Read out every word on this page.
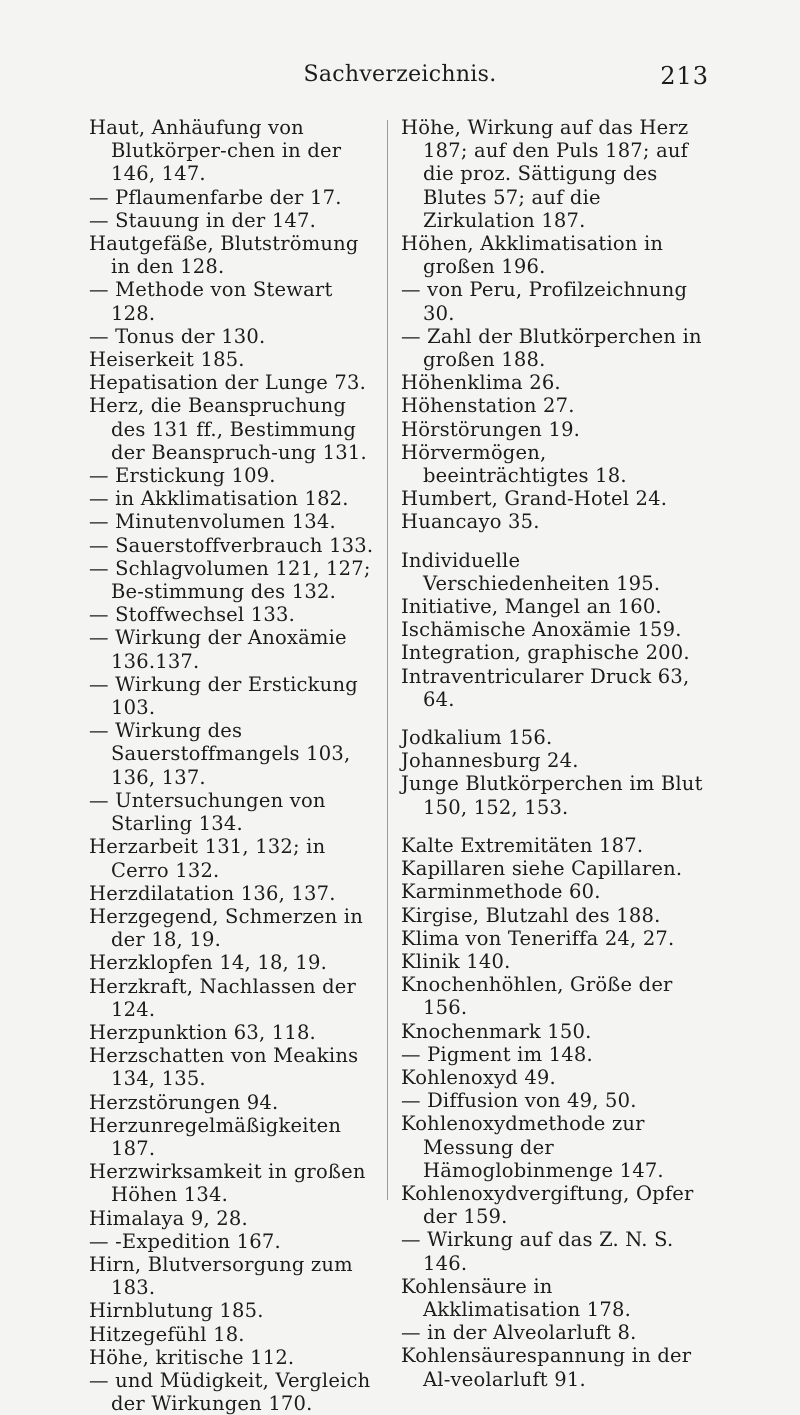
Sachverzeichnis.	213
Haut, Anhäufung von Blutkörper-chen in der 146, 147.
— Pflaumenfarbe der 17.
— Stauung in der 147.
Hautgefäße, Blutströmung in den 128.
— Methode von Stewart 128.
— Tonus der 130.
Heiserkeit 185.
Hepatisation der Lunge 73.
Herz, die Beanspruchung des 131 ff., Bestimmung der Beanspruch-ung 131.
— Erstickung 109.
— in Akklimatisation 182.
— Minutenvolumen 134.
— Sauerstoffverbrauch 133.
— Schlagvolumen 121, 127; Be-stimmung des 132.
— Stoffwechsel 133.
— Wirkung der Anoxämie 136.137.
— Wirkung der Erstickung 103.
— Wirkung des Sauerstoffmangels 103, 136, 137.
— Untersuchungen von Starling 134.
Herzarbeit 131, 132; in Cerro 132.
Herzdilatation 136, 137.
Herzgegend, Schmerzen in der 18, 19.
Herzklopfen 14, 18, 19.
Herzkraft, Nachlassen der 124.
Herzpunktion 63, 118.
Herzschatten von Meakins 134, 135.
Herzstörungen 94.
Herzunregelmäßigkeiten 187.
Herzwirksamkeit in großen Höhen 134.
Himalaya 9, 28.
— -Expedition 167.
Hirn, Blutversorgung zum 183.
Hirnblutung 185.
Hitzegefühl 18.
Höhe, kritische 112.
— und Müdigkeit, Vergleich der Wirkungen 170.
Höhe, Wirkung auf das Herz 187; auf den Puls 187; auf die proz. Sättigung des Blutes 57; auf die Zirkulation 187.
Höhen, Akklimatisation in großen 196.
— von Peru, Profilzeichnung 30.
— Zahl der Blutkörperchen in großen 188.
Höhenklima 26.
Höhenstation 27.
Hörstörungen 19.
Hörvermögen, beeinträchtigtes 18.
Humbert, Grand-Hotel 24.
Huancayo 35.
Individuelle Verschiedenheiten 195.
Initiative, Mangel an 160.
Ischämische Anoxämie 159.
Integration, graphische 200.
Intraventricularer Druck 63, 64.
Jodkalium 156.
Johannesburg 24.
Junge Blutkörperchen im Blut 150, 152, 153.
Kalte Extremitäten 187.
Kapillaren siehe Capillaren.
Karminmethode 60.
Kirgise, Blutzahl des 188.
Klima von Teneriffa 24, 27.
Klinik 140.
Knochenhöhlen, Größe der 156.
Knochenmark 150.
— Pigment im 148.
Kohlenoxyd 49.
— Diffusion von 49, 50.
Kohlenoxydmethode zur Messung der Hämoglobinmenge 147.
Kohlenoxydvergiftung, Opfer der 159.
— Wirkung auf das Z. N. S. 146.
Kohlensäure in Akklimatisation 178.
— in der Alveolarluft 8.
Kohlensäurespannung in der Al-veolarluft 91.
